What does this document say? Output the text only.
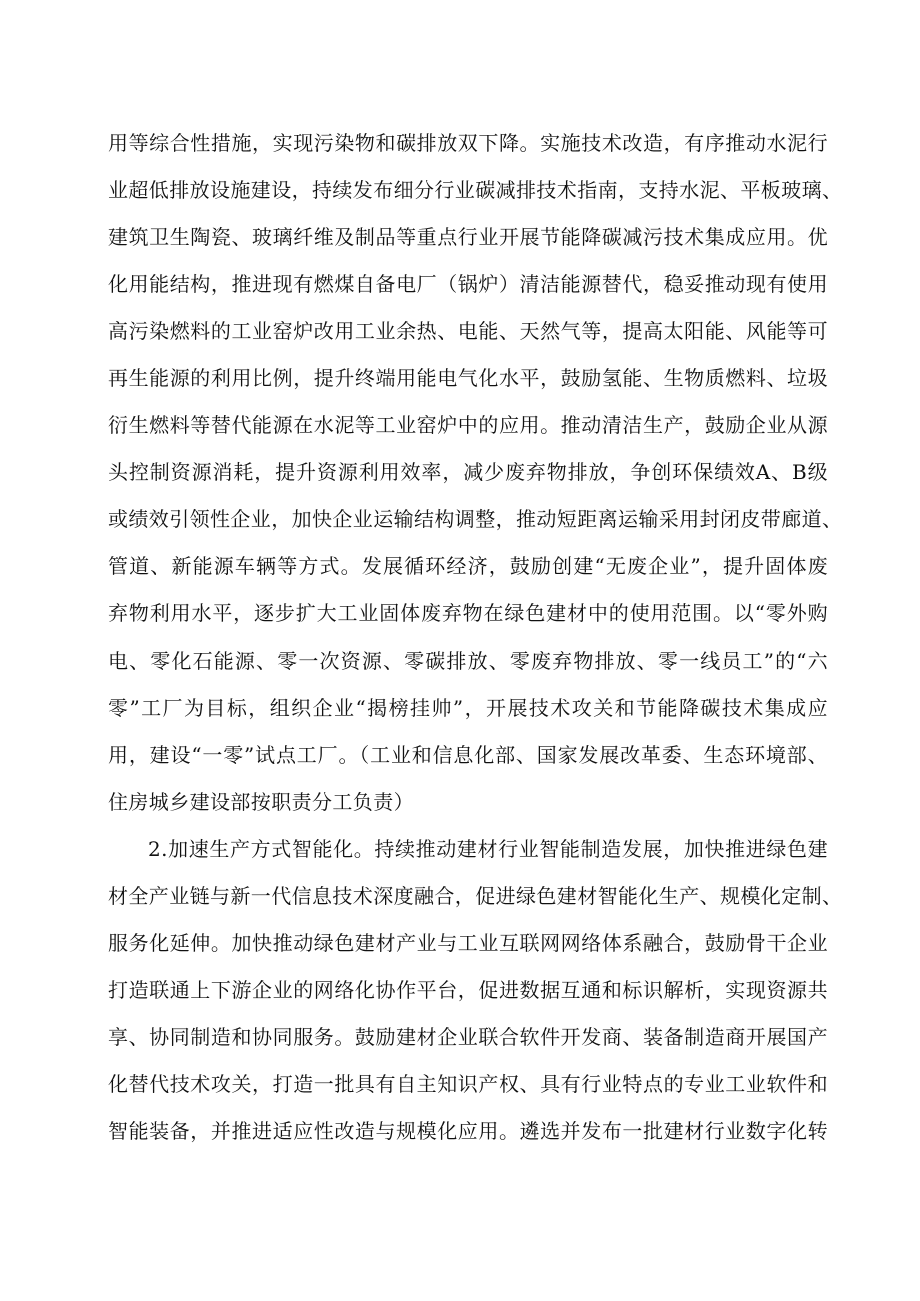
用等综合性措施，实现污染物和碳排放双下降。实施技术改造，有序推动水泥行
业超低排放设施建设，持续发布细分行业碳减排技术指南，支持水泥、平板玻璃、
建筑卫生陶瓷、玻璃纤维及制品等重点行业开展节能降碳减污技术集成应用。优
化用能结构，推进现有燃煤自备电厂（锅炉）清洁能源替代，稳妥推动现有使用
高污染燃料的工业窑炉改用工业余热、电能、天然气等，提高太阳能、风能等可
再生能源的利用比例，提升终端用能电气化水平，鼓励氢能、生物质燃料、垃圾
衍生燃料等替代能源在水泥等工业窑炉中的应用。推动清洁生产，鼓励企业从源
头控制资源消耗，提升资源利用效率，减少废弃物排放，争创环保绩效A、B级
或绩效引领性企业，加快企业运输结构调整，推动短距离运输采用封闭皮带廊道、
管道、新能源车辆等方式。发展循环经济，鼓励创建“无废企业”，提升固体废
弃物利用水平，逐步扩大工业固体废弃物在绿色建材中的使用范围。以“零外购
电、零化石能源、零一次资源、零碳排放、零废弃物排放、零一线员工”的“六
零”工厂为目标，组织企业“揭榜挂帅”，开展技术攻关和节能降碳技术集成应
用，建设“一零”试点工厂。（工业和信息化部、国家发展改革委、生态环境部、
住房城乡建设部按职责分工负责）
2.加速生产方式智能化。持续推动建材行业智能制造发展，加快推进绿色建
材全产业链与新一代信息技术深度融合，促进绿色建材智能化生产、规模化定制、
服务化延伸。加快推动绿色建材产业与工业互联网网络体系融合，鼓励骨干企业
打造联通上下游企业的网络化协作平台，促进数据互通和标识解析，实现资源共
享、协同制造和协同服务。鼓励建材企业联合软件开发商、装备制造商开展国产
化替代技术攻关，打造一批具有自主知识产权、具有行业特点的专业工业软件和
智能装备，并推进适应性改造与规模化应用。遴选并发布一批建材行业数字化转
